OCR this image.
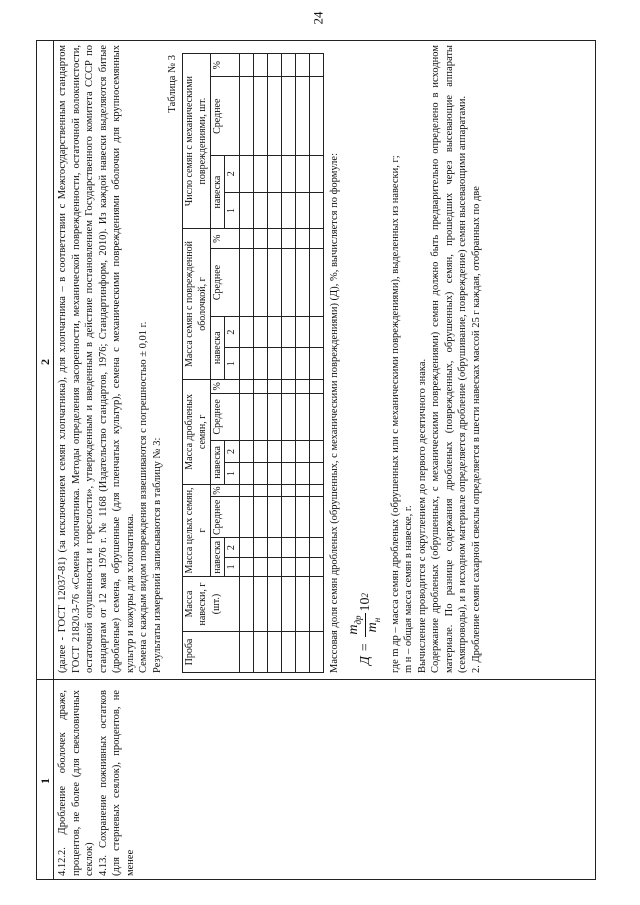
24
1
2

4.12.2. Дробление оболочек драже, процентов, не более (для свекловичных секлок) 4.13. Сохранение пожнивных остатков (для стерневых сеялок), процентов, не менее

(далее - ГОСТ 12037-81) (за исключением семян хлопчатника), для хлопчатника – в соответствии с Межгосударственным стандартом ГОСТ 21820.3-76 «Семена хлопчатника. Методы определения засоренности, механической поврежденности, остаточной волокнистости, остаточной опушенности и гореслости», утвержденным и введенным в действие постановлением Государственного комитета СССР по стандартам от 12 мая 1976 г. № 1168 (Издательство стандартов, 1976; Стандартинформ, 2010). Из каждой навески выделяются битые (дробленые) семена, обрушенные (для пленчатых культур), семена с механическими повреждениями оболочки для крупносемянных культур и кожуры для хлопчатника. Семена с каждым видом повреждения взвешиваются с погрешностью ± 0,01 г. Результаты измерений записываются в таблицу № 3:

Таблица № 3

Проба	Масса навески, г (шт.)	Масса целых семян, г				Масса дробленых семян, г				Масса семян с поврежденной оболочкой, г				Число семян с механическими повреждениями, шт.			
		навеска		Среднее	%	навеска		Среднее	%	навеска		Среднее	%	навеска		Среднее	%
		1	2			1	2			1	2			1	2		

																		Массовая доля семян дробленых (обрушенных, с механическими повреждениями) (Д), %, вычисляется по формуле: Д
=
$m_{др}$
$m_н$
10
2 где m др – масса семян дробленых (обрушенных или с механическими повреждениями), выделенных из навески, г; m н – общая масса семян в навеске, г. Вычисление проводится с округлением до первого десятичного знака. Содержание дробленых (обрушенных, с механическими повреждениями) семян должно быть предварительно определено в исходном материале. По разнице содержания дробленых (поврежденных, обрушенных) семян, прошедших через высевающие аппараты (семяпроводы), и в исходном материале определяется дробление (обрушивание, повреждение) семян высевающими аппаратами. 2. Дробление семян сахарной свеклы определяется в шести навесках массой 25 г каждая, отобранных по две
